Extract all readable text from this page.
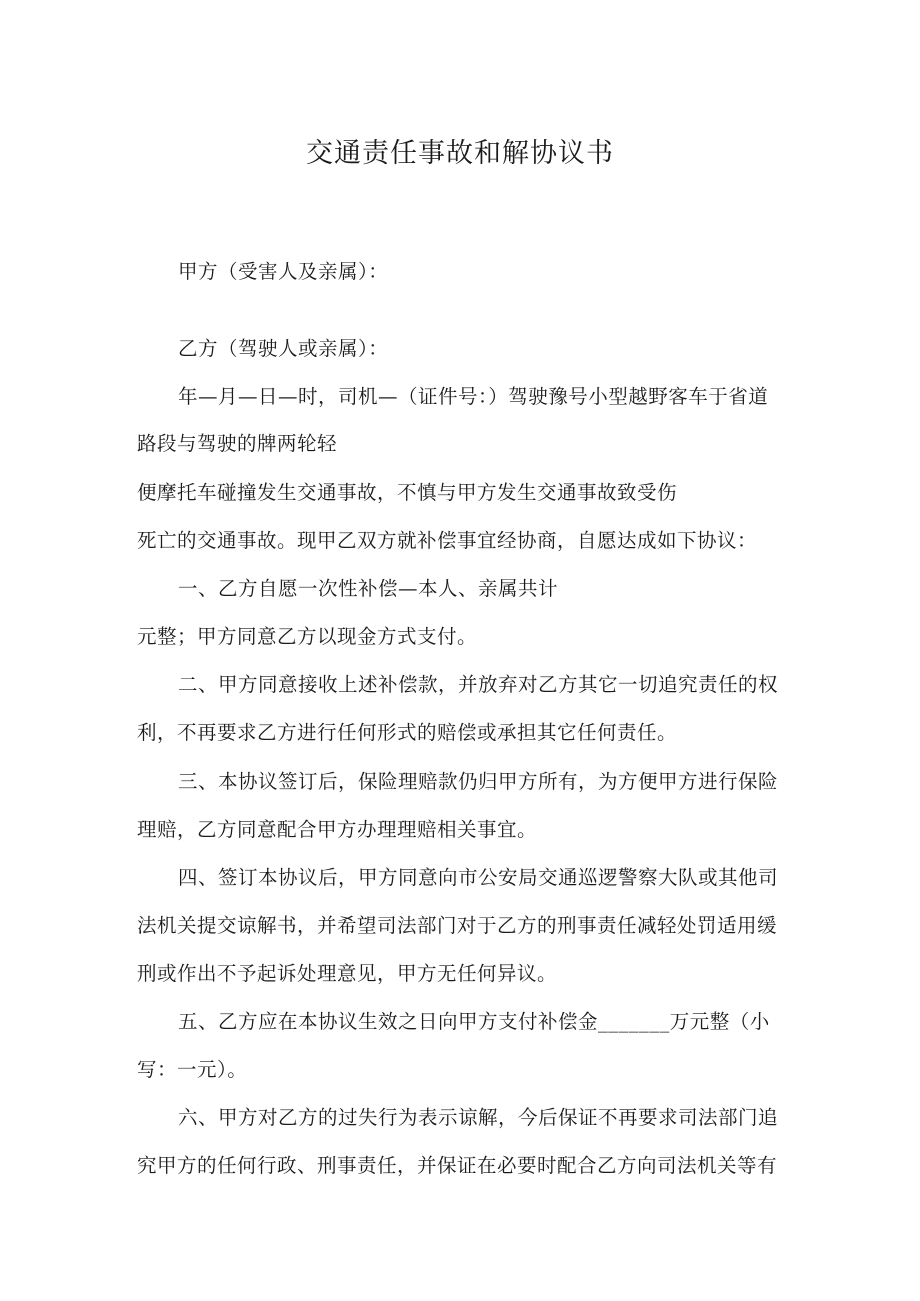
交通责任事故和解协议书

甲方（受害人及亲属）：

乙方（驾驶人或亲属）：

年—月—日—时，司机—（证件号：）驾驶豫号小型越野客车于省道

路段与驾驶的牌两轮轻

便摩托车碰撞发生交通事故，不慎与甲方发生交通事故致受伤

死亡的交通事故。现甲乙双方就补偿事宜经协商，自愿达成如下协议：

一、乙方自愿一次性补偿—本人、亲属共计

元整；甲方同意乙方以现金方式支付。

二、甲方同意接收上述补偿款，并放弃对乙方其它一切追究责任的权

利，不再要求乙方进行任何形式的赔偿或承担其它任何责任。

三、本协议签订后，保险理赔款仍归甲方所有，为方便甲方进行保险

理赔，乙方同意配合甲方办理理赔相关事宜。

四、签订本协议后，甲方同意向市公安局交通巡逻警察大队或其他司

法机关提交谅解书，并希望司法部门对于乙方的刑事责任减轻处罚适用缓

刑或作出不予起诉处理意见，甲方无任何异议。

五、乙方应在本协议生效之日向甲方支付补偿金_______万元整（小

写：一元）。

六、甲方对乙方的过失行为表示谅解，今后保证不再要求司法部门追

究甲方的任何行政、刑事责任，并保证在必要时配合乙方向司法机关等有
